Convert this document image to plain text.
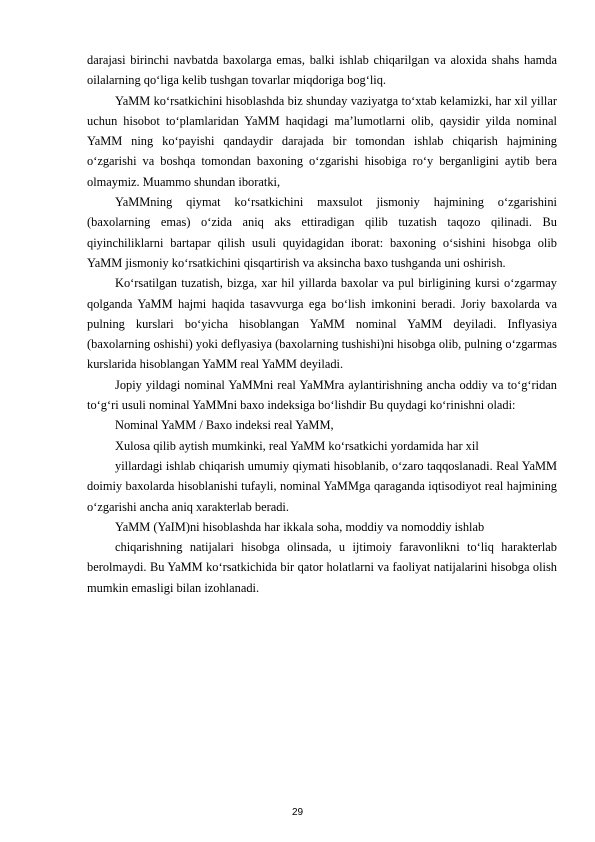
darajasi birinchi navbatda baxolarga emas, balki ishlab chiqarilgan va aloxida shahs hamda oilalarning qo‘liga kelib tushgan tovarlar miqdoriga bog‘liq.

YaMM ko‘rsatkichini hisoblashda biz shunday vaziyatga to‘xtab kelamizki, har xil yillar uchun hisobot to‘plamlaridan YaMM haqidagi ma’lumotlarni olib, qaysidir yilda nominal YaMM ning ko‘payishi qandaydir darajada bir tomondan ishlab chiqarish hajmining o‘zgarishi va boshqa tomondan baxoning o‘zgarishi hisobiga ro‘y berganligini aytib bera olmaymiz. Muammo shundan iboratki,

YaMMning qiymat ko‘rsatkichini maxsulot jismoniy hajmining o‘zgarishini (baxolarning emas) o‘zida aniq aks ettiradigan qilib tuzatish taqozo qilinadi. Bu qiyinchiliklarni bartapar qilish usuli quyidagidan iborat: baxoning o‘sishini hisobga olib YaMM jismoniy ko‘rsatkichini qisqartirish va aksincha baxo tushganda uni oshirish.

Ko‘rsatilgan tuzatish, bizga, xar hil yillarda baxolar va pul birligining kursi o‘zgarmay qolganda YaMM hajmi haqida tasavvurga ega bo‘lish imkonini beradi. Joriy baxolarda va pulning kurslari bo‘yicha hisoblangan YaMM nominal YaMM deyiladi. Inflyasiya (baxolarning oshishi) yoki deflyasiya (baxolarning tushishi)ni hisobga olib, pulning o‘zgarmas kurslarida hisoblangan YaMM real YaMM deyiladi.

Jopiy yildagi nominal YaMMni real YaMMra aylantirishning ancha oddiy va to‘g‘ridan to‘g‘ri usuli nominal YaMMni baxo indeksiga bo‘lishdir Bu quydagi ko‘rinishni oladi:

Nominal YaMM / Baxo indeksi real YaMM,

Xulosa qilib aytish mumkinki, real YaMM ko‘rsatkichi yordamida har xil

yillardagi ishlab chiqarish umumiy qiymati hisoblanib, o‘zaro taqqoslanadi. Real YaMM doimiy baxolarda hisoblanishi tufayli, nominal YaMMga qaraganda iqtisodiyot real hajmining o‘zgarishi ancha aniq xarakterlab beradi.

YaMM (YaIM)ni hisoblashda har ikkala soha, moddiy va nomoddiy ishlab

chiqarishning natijalari hisobga olinsada, u ijtimoiy faravonlikni to‘liq harakterlab berolmaydi. Bu YaMM ko‘rsatkichida bir qator holatlarni va faoliyat natijalarini hisobga olish mumkin emasligi bilan izohlanadi.

29
